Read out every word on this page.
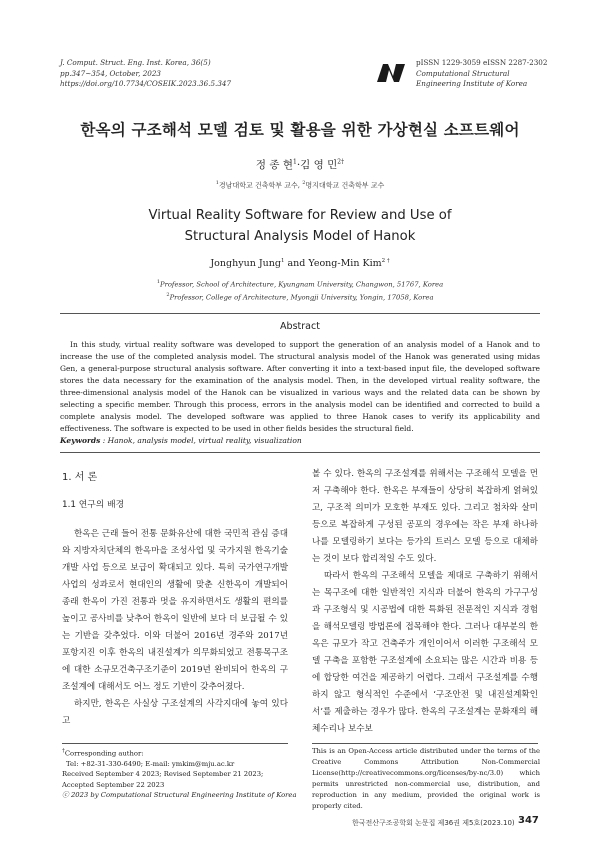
J. Comput. Struct. Eng. Inst. Korea, 36(5)
pp.347~354, October, 2023
https://doi.org/10.7734/COSEIK.2023.36.5.347
pISSN 1229-3059 eISSN 2287-2302
Computational Structural
Engineering Institute of Korea
한옥의 구조해석 모델 검토 및 활용을 위한 가상현실 소프트웨어
정 종 현$^1$·김 영 민$^{2\dagger}$
$^1$경남대학교 건축학부 교수, $^2$명지대학교 건축학부 교수
Virtual Reality Software for Review and Use of
Structural Analysis Model of Hanok
Jonghyun Jung$^1$ and Yeong-Min Kim$^{2 \dagger}$
$^1$Professor, School of Architecture, Kyungnam University, Changwon, 51767, Korea
$^2$Professor, College of Architecture, Myongji University, Yongin, 17058, Korea
Abstract
In this study, virtual reality software was developed to support the generation of an analysis model of a Hanok and to increase the use of the completed analysis model. The structural analysis model of the Hanok was generated using midas Gen, a general-purpose structural analysis software. After converting it into a text-based input file, the developed software stores the data necessary for the examination of the analysis model. Then, in the developed virtual reality software, the three-dimensional analysis model of the Hanok can be visualized in various ways and the related data can be shown by selecting a specific member. Through this process, errors in the analysis model can be identified and corrected to build a complete analysis model. The developed software was applied to three Hanok cases to verify its applicability and effectiveness. The software is expected to be used in other fields besides the structural field.
Keywords : Hanok, analysis model, virtual reality, visualization
1. 서 론
1.1 연구의 배경

한옥은 근래 들어 전통 문화유산에 대한 국민적 관심 증대와 지방자치단체의 한옥마을 조성사업 및 국가지원 한옥기술개발 사업 등으로 보급이 확대되고 있다. 특히 국가연구개발사업의 성과로서 현대인의 생활에 맞춘 신한옥이 개발되어 종래 한옥이 가진 전통과 멋을 유지하면서도 생활의 편의를 높이고 공사비를 낮추어 한옥이 일반에 보다 더 보급될 수 있는 기반을 갖추었다. 이와 더불어 2016년 경주와 2017년 포항지진 이후 한옥의 내진설계가 의무화되었고 전통목구조에 대한 소규모건축구조기준이 2019년 완비되어 한옥의 구조설계에 대해서도 어느 정도 기반이 갖추어졌다.

하지만, 한옥은 사실상 구조설계의 사각지대에 놓여 있다고

볼 수 있다. 한옥의 구조설계를 위해서는 구조해석 모델을 먼저 구축해야 한다. 한옥은 부재들이 상당히 복잡하게 얽혀있고, 구조적 의미가 모호한 부재도 있다. 그리고 첨차와 살미 등으로 복잡하게 구성된 공포의 경우에는 작은 부재 하나하나를 모델링하기 보다는 등가의 트러스 모델 등으로 대체하는 것이 보다 합리적일 수도 있다.

따라서 한옥의 구조해석 모델을 제대로 구축하기 위해서는 목구조에 대한 일반적인 지식과 더불어 한옥의 가구구성과 구조형식 및 시공법에 대한 특화된 전문적인 지식과 경험을 해석모델링 방법론에 접목해야 한다. 그러나 대부분의 한옥은 규모가 작고 건축주가 개인이어서 이러한 구조해석 모델 구축을 포함한 구조설계에 소요되는 많은 시간과 비용 등에 합당한 여건을 제공하기 어렵다. 그래서 구조설계를 수행하지 않고 형식적인 수준에서 ‘구조안전 및 내진설계확인서’를 제출하는 경우가 많다. 한옥의 구조설계는 문화재의 해체수리나 보수보

†Corresponding author:
Tel: +82-31-330-6490; E-mail: ymkim@mju.ac.kr
Received September 4 2023; Revised September 21 2023;
Accepted September 22 2023
ⓒ 2023 by Computational Structural Engineering Institute of Korea
This is an Open-Access article distributed under the terms of the Creative Commons Attribution Non-Commercial License(http://creativecommons.org/licenses/by-nc/3.0) which permits unrestricted non-commercial use, distribution, and reproduction in any medium, provided the original work is properly cited.
한국전산구조공학회 논문집 제36권 제5호(2023.10) 347
